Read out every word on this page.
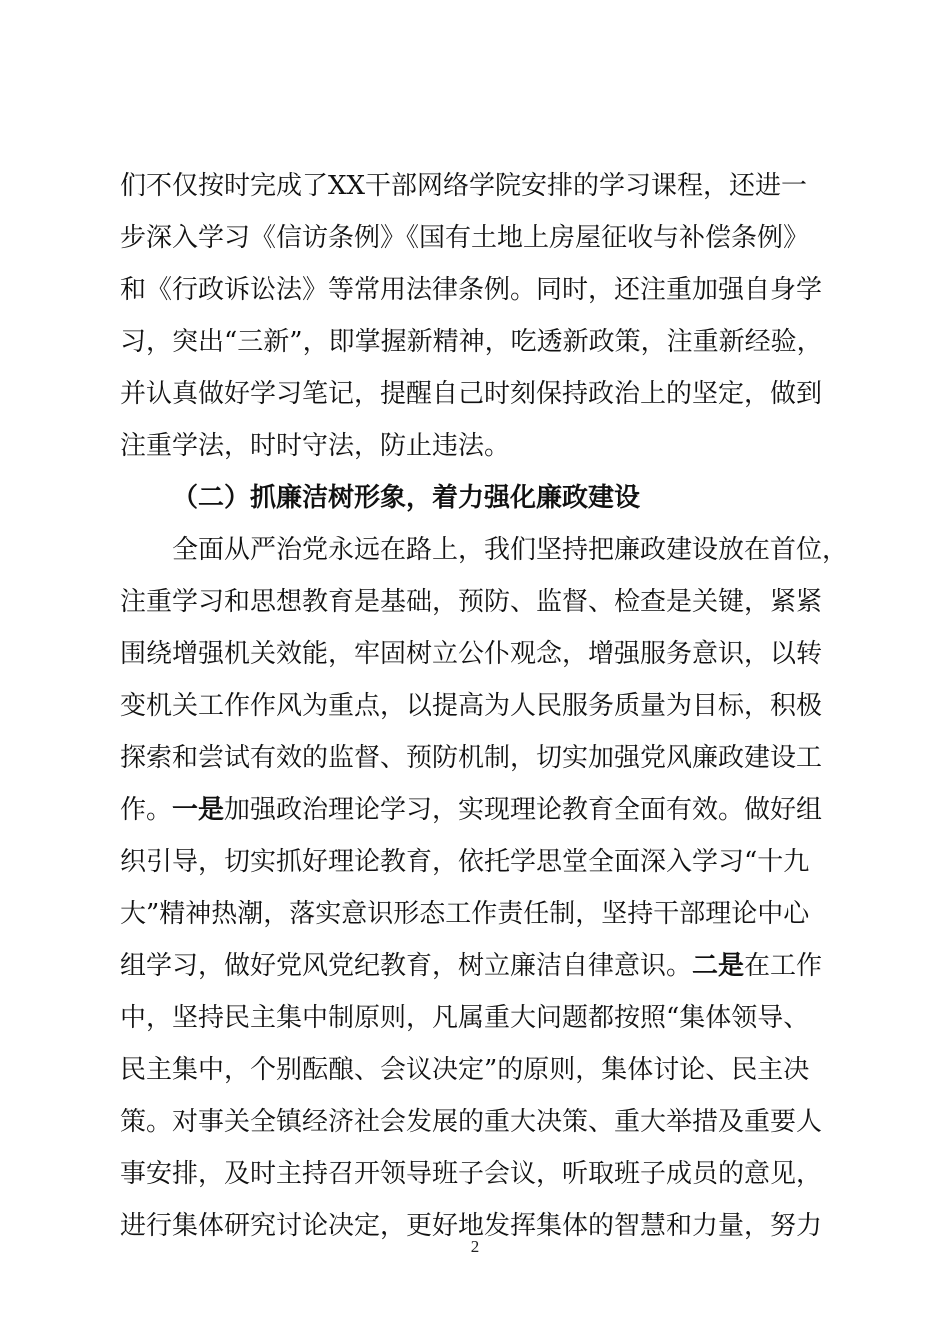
们不仅按时完成了XX干部网络学院安排的学习课程，还进一
步深入学习《信访条例》《国有土地上房屋征收与补偿条例》
和《行政诉讼法》等常用法律条例。同时，还注重加强自身学
习，突出“三新”，即掌握新精神，吃透新政策，注重新经验，
并认真做好学习笔记，提醒自己时刻保持政治上的坚定，做到
注重学法，时时守法，防止违法。
（二）抓廉洁树形象，着力强化廉政建设
全面从严治党永远在路上，我们坚持把廉政建设放在首位，
注重学习和思想教育是基础，预防、监督、检查是关键，紧紧
围绕增强机关效能，牢固树立公仆观念，增强服务意识，以转
变机关工作作风为重点，以提高为人民服务质量为目标，积极
探索和尝试有效的监督、预防机制，切实加强党风廉政建设工
作。一是加强政治理论学习，实现理论教育全面有效。做好组
织引导，切实抓好理论教育，依托学思堂全面深入学习“十九
大”精神热潮，落实意识形态工作责任制，坚持干部理论中心
组学习，做好党风党纪教育，树立廉洁自律意识。二是在工作
中，坚持民主集中制原则，凡属重大问题都按照“集体领导、
民主集中，个别酝酿、会议决定”的原则，集体讨论、民主决
策。对事关全镇经济社会发展的重大决策、重大举措及重要人
事安排，及时主持召开领导班子会议，听取班子成员的意见，
进行集体研究讨论决定，更好地发挥集体的智慧和力量，努力
2
